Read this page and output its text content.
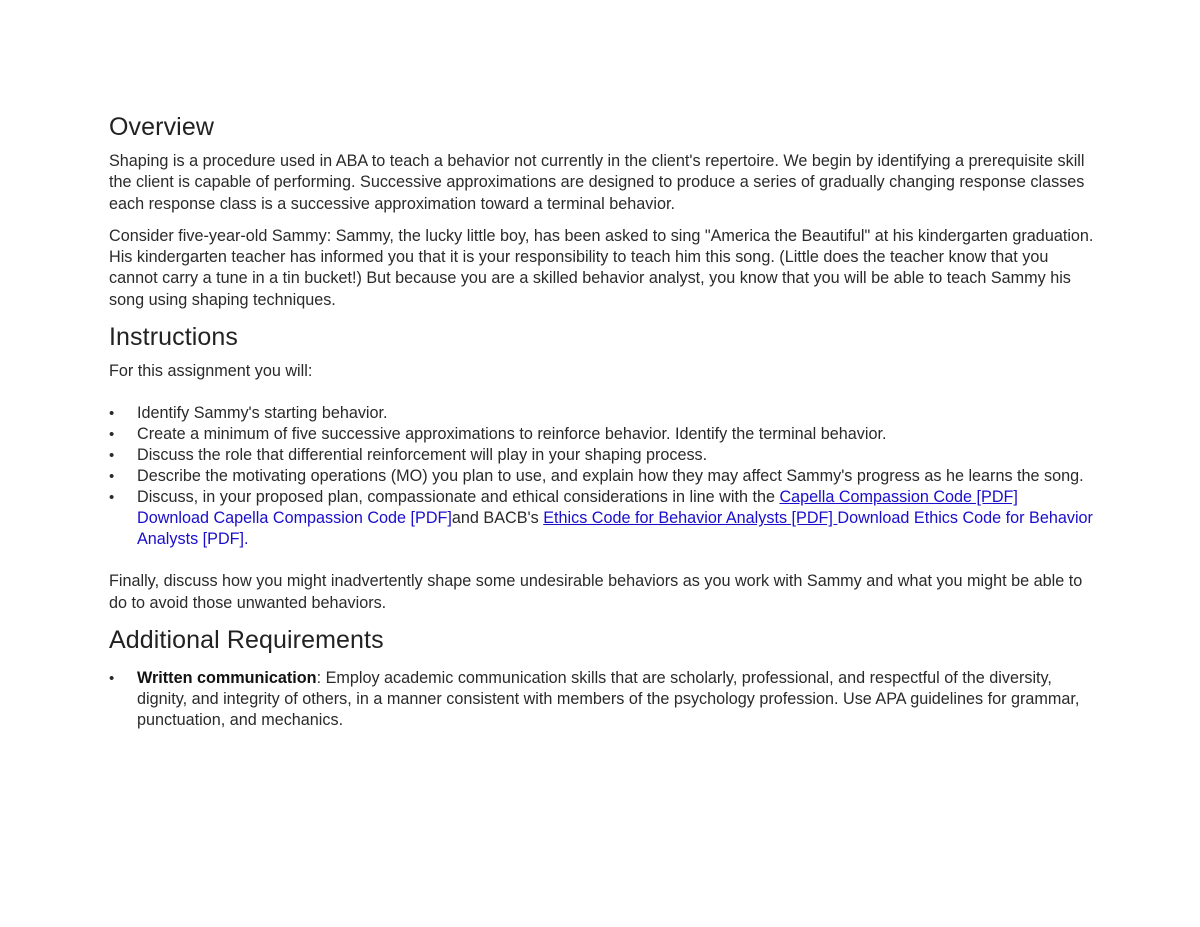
Overview

Shaping is a procedure used in ABA to teach a behavior not currently in the client's repertoire. We begin by identifying a prerequisite skill the client is capable of performing. Successive approximations are designed to produce a series of gradually changing response classes each response class is a successive approximation toward a terminal behavior.

Consider five-year-old Sammy: Sammy, the lucky little boy, has been asked to sing "America the Beautiful" at his kindergarten graduation. His kindergarten teacher has informed you that it is your responsibility to teach him this song. (Little does the teacher know that you cannot carry a tune in a tin bucket!) But because you are a skilled behavior analyst, you know that you will be able to teach Sammy his song using shaping techniques.

Instructions

For this assignment you will:

•	Identify Sammy's starting behavior.
•	Create a minimum of five successive approximations to reinforce behavior. Identify the terminal behavior.
•	Discuss the role that differential reinforcement will play in your shaping process.
•	Describe the motivating operations (MO) you plan to use, and explain how they may affect Sammy's progress as he learns the song.
•	Discuss, in your proposed plan, compassionate and ethical considerations in line with the Capella Compassion Code [PDF] Download Capella Compassion Code [PDF]and BACB's Ethics Code for Behavior Analysts [PDF] Download Ethics Code for Behavior Analysts [PDF].

Finally, discuss how you might inadvertently shape some undesirable behaviors as you work with Sammy and what you might be able to do to avoid those unwanted behaviors.

Additional Requirements
•	Written communication: Employ academic communication skills that are scholarly, professional, and respectful of the diversity, dignity, and integrity of others, in a manner consistent with members of the psychology profession. Use APA guidelines for grammar, punctuation, and mechanics.
